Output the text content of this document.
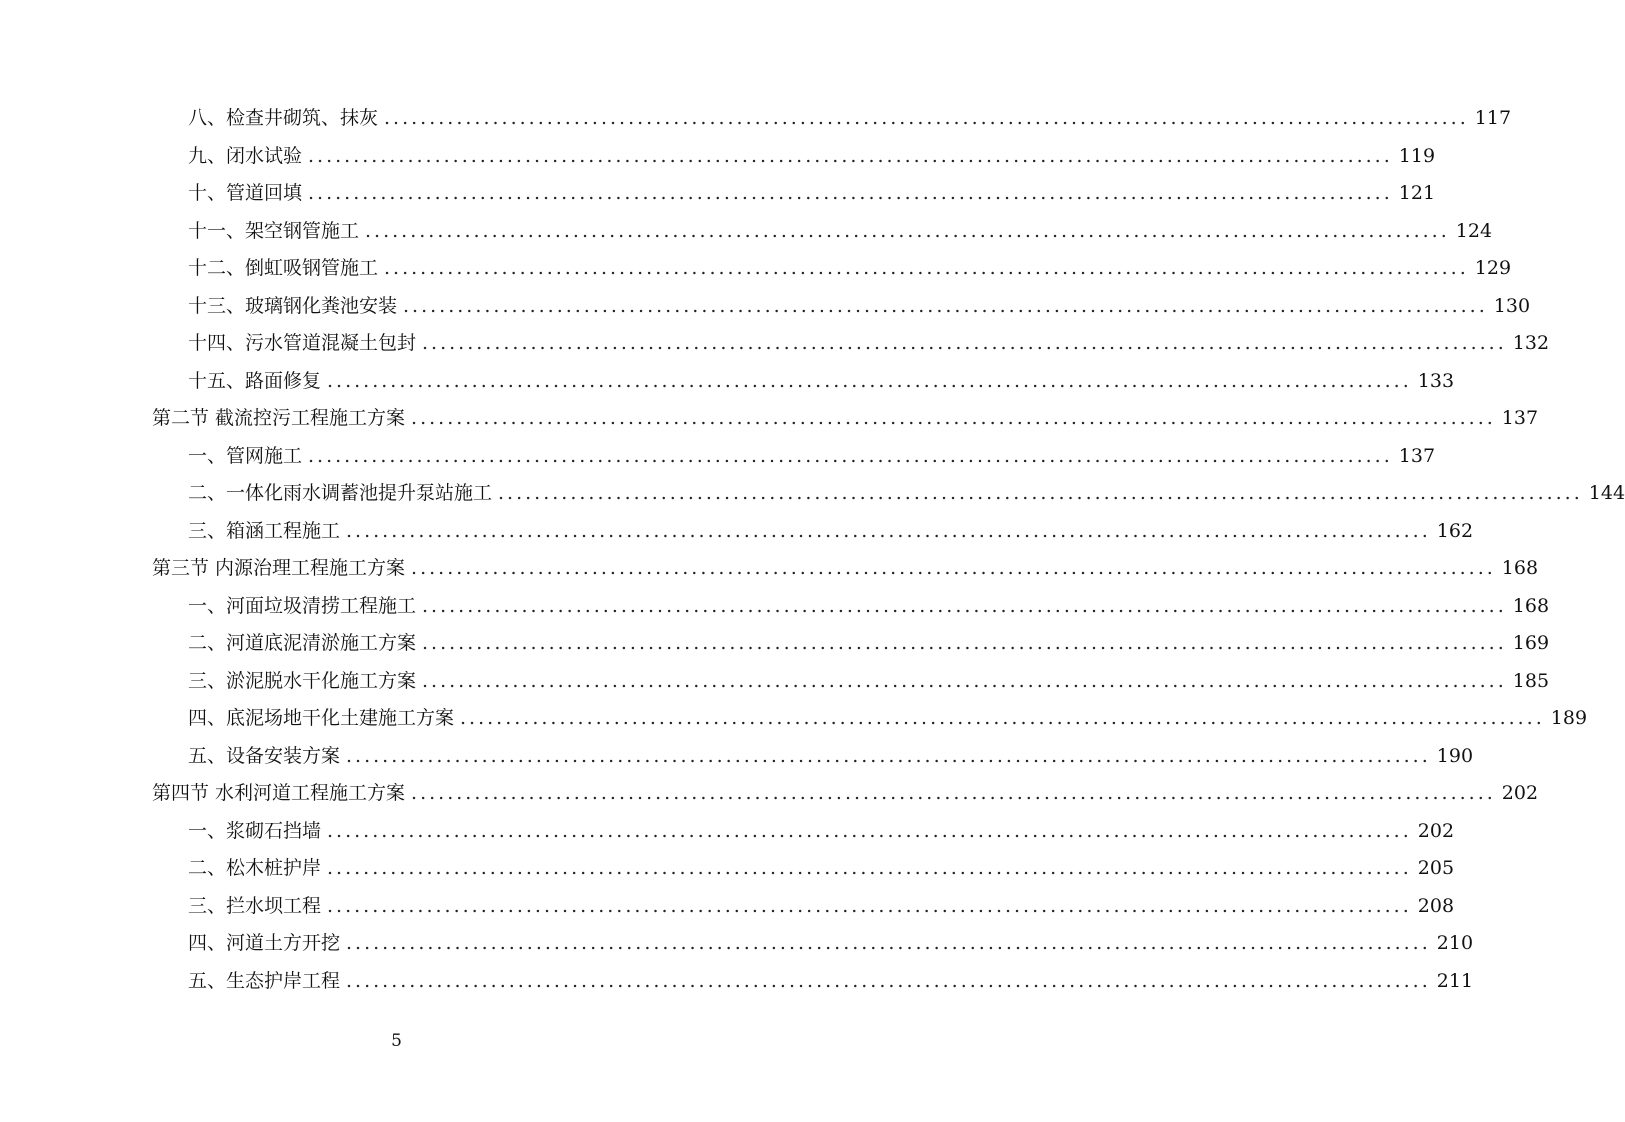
八、检查井砌筑、抹灰 ........................................................................................................................ 117
九、闭水试验 ........................................................................................................................ 119
十、管道回填 ........................................................................................................................ 121
十一、架空钢管施工 ........................................................................................................................ 124
十二、倒虹吸钢管施工 ........................................................................................................................ 129
十三、玻璃钢化粪池安装 ........................................................................................................................ 130
十四、污水管道混凝土包封 ........................................................................................................................ 132
十五、路面修复 ........................................................................................................................ 133
第二节 截流控污工程施工方案 ........................................................................................................................ 137
一、管网施工 ........................................................................................................................ 137
二、一体化雨水调蓄池提升泵站施工 ........................................................................................................................ 144
三、箱涵工程施工 ........................................................................................................................ 162
第三节 内源治理工程施工方案 ........................................................................................................................ 168
一、河面垃圾清捞工程施工 ........................................................................................................................ 168
二、河道底泥清淤施工方案 ........................................................................................................................ 169
三、淤泥脱水干化施工方案 ........................................................................................................................ 185
四、底泥场地干化土建施工方案 ........................................................................................................................ 189
五、设备安装方案 ........................................................................................................................ 190
第四节 水利河道工程施工方案 ........................................................................................................................ 202
一、浆砌石挡墙 ........................................................................................................................ 202
二、松木桩护岸 ........................................................................................................................ 205
三、拦水坝工程 ........................................................................................................................ 208
四、河道土方开挖 ........................................................................................................................ 210
五、生态护岸工程 ........................................................................................................................ 211
5
